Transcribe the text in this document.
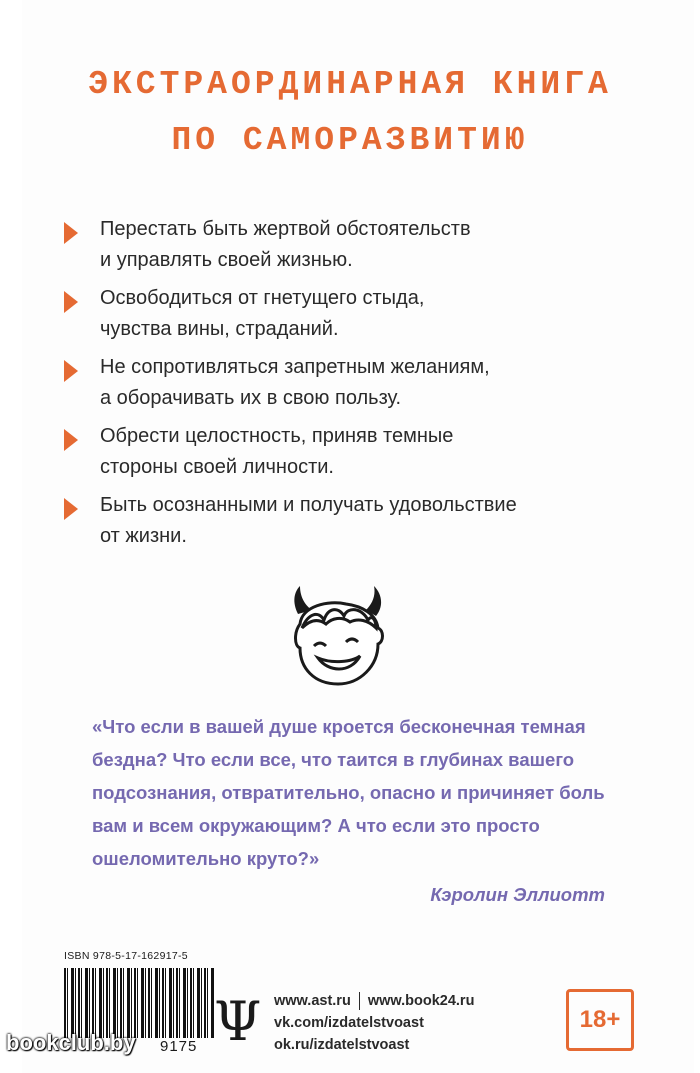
ЭКСТРАОРДИНАРНАЯ КНИГА
ПО САМОРАЗВИТИЮ
Перестать быть жертвой обстоятельств
и управлять своей жизнью.
Освободиться от гнетущего стыда,
чувства вины, страданий.
Не сопротивляться запретным желаниям,
а оборачивать их в свою пользу.
Обрести целостность, приняв темные
стороны своей личности.
Быть осознанными и получать удовольствие
от жизни.
«Что если в вашей душе кроется бесконечная темная бездна? Что если все, что таится в глубинах вашего подсознания, отвратительно, опасно и причиняет боль вам и всем окружающим? А что если это просто ошеломительно круто?»
Кэролин Эллиотт
ISBN 978-5-17-162917-5
9175 Ψ www.ast.ru www.book24.ru
vk.com/izdatelstvoast
ok.ru/izdatelstvoast
18+
bookclub.by
